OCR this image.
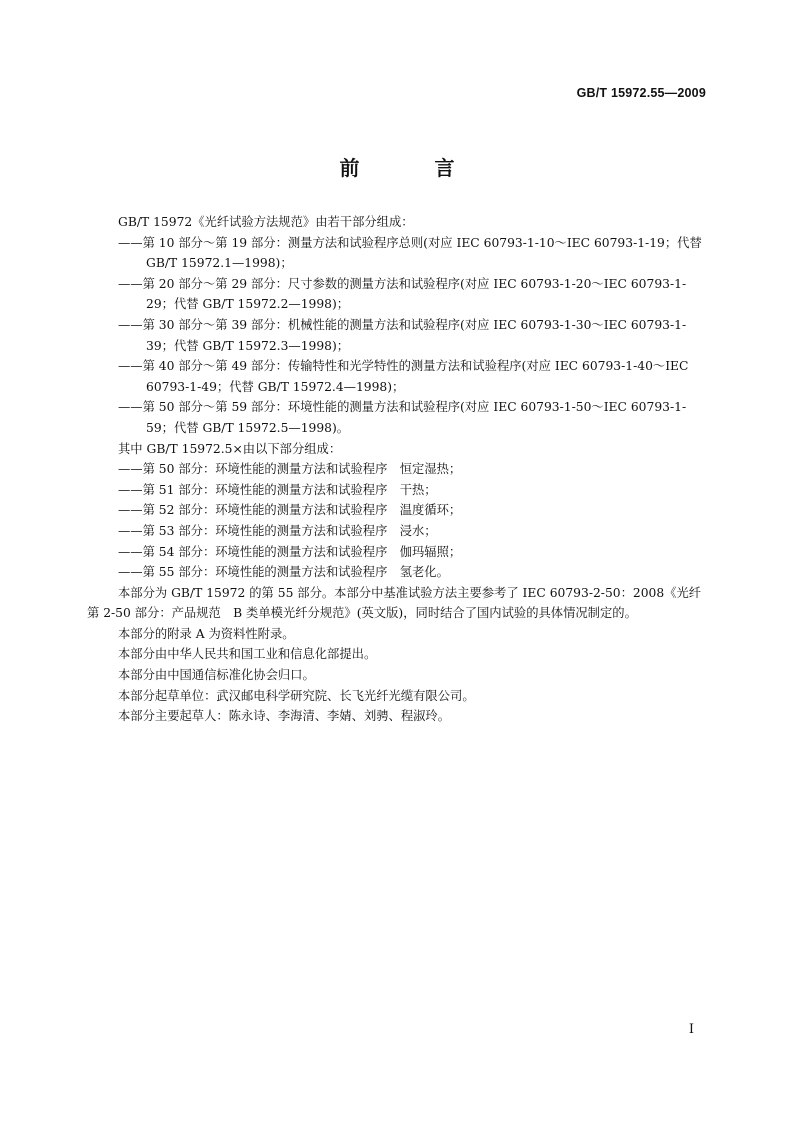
GB/T 15972.55—2009
前 言

GB/T 15972《光纤试验方法规范》由若干部分组成：

——第 10 部分～第 19 部分：测量方法和试验程序总则(对应 IEC 60793-1-10～IEC 60793-1-19；代替 GB/T 15972.1—1998)；

——第 20 部分～第 29 部分：尺寸参数的测量方法和试验程序(对应 IEC 60793-1-20～IEC 60793-1-29；代替 GB/T 15972.2—1998)；

——第 30 部分～第 39 部分：机械性能的测量方法和试验程序(对应 IEC 60793-1-30～IEC 60793-1-39；代替 GB/T 15972.3—1998)；

——第 40 部分～第 49 部分：传输特性和光学特性的测量方法和试验程序(对应 IEC 60793-1-40～IEC 60793-1-49；代替 GB/T 15972.4—1998)；

——第 50 部分～第 59 部分：环境性能的测量方法和试验程序(对应 IEC 60793-1-50～IEC 60793-1-59；代替 GB/T 15972.5—1998)。

其中 GB/T 15972.5×由以下部分组成：

——第 50 部分：环境性能的测量方法和试验程序　恒定湿热；

——第 51 部分：环境性能的测量方法和试验程序　干热；

——第 52 部分：环境性能的测量方法和试验程序　温度循环；

——第 53 部分：环境性能的测量方法和试验程序　浸水；

——第 54 部分：环境性能的测量方法和试验程序　伽玛辐照；

——第 55 部分：环境性能的测量方法和试验程序　氢老化。

本部分为 GB/T 15972 的第 55 部分。本部分中基准试验方法主要参考了 IEC 60793-2-50：2008《光纤　第 2-50 部分：产品规范　B 类单模光纤分规范》(英文版)，同时结合了国内试验的具体情况制定的。

本部分的附录 A 为资料性附录。

本部分由中华人民共和国工业和信息化部提出。

本部分由中国通信标准化协会归口。

本部分起草单位：武汉邮电科学研究院、长飞光纤光缆有限公司。

本部分主要起草人：陈永诗、李海清、李婧、刘骋、程淑玲。

I
